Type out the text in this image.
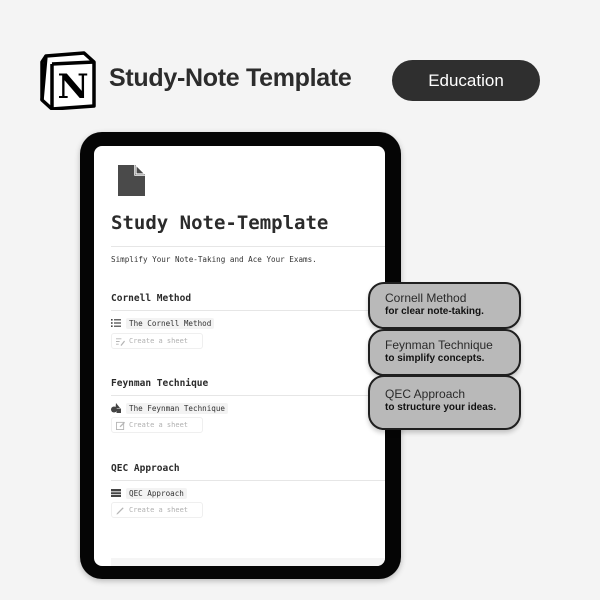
N Study-Note Template	Education
Study Note-Template
Simplify Your Note-Taking and Ace Your Exams.
Cornell Method
The Cornell Method
Create a sheet
Feynman Technique
The Feynman Technique
Create a sheet
QEC Approach
QEC Approach
Create a sheet
Cornell Method
for clear note-taking.
Feynman Technique
to simplify concepts.
QEC Approach
to structure your ideas.
